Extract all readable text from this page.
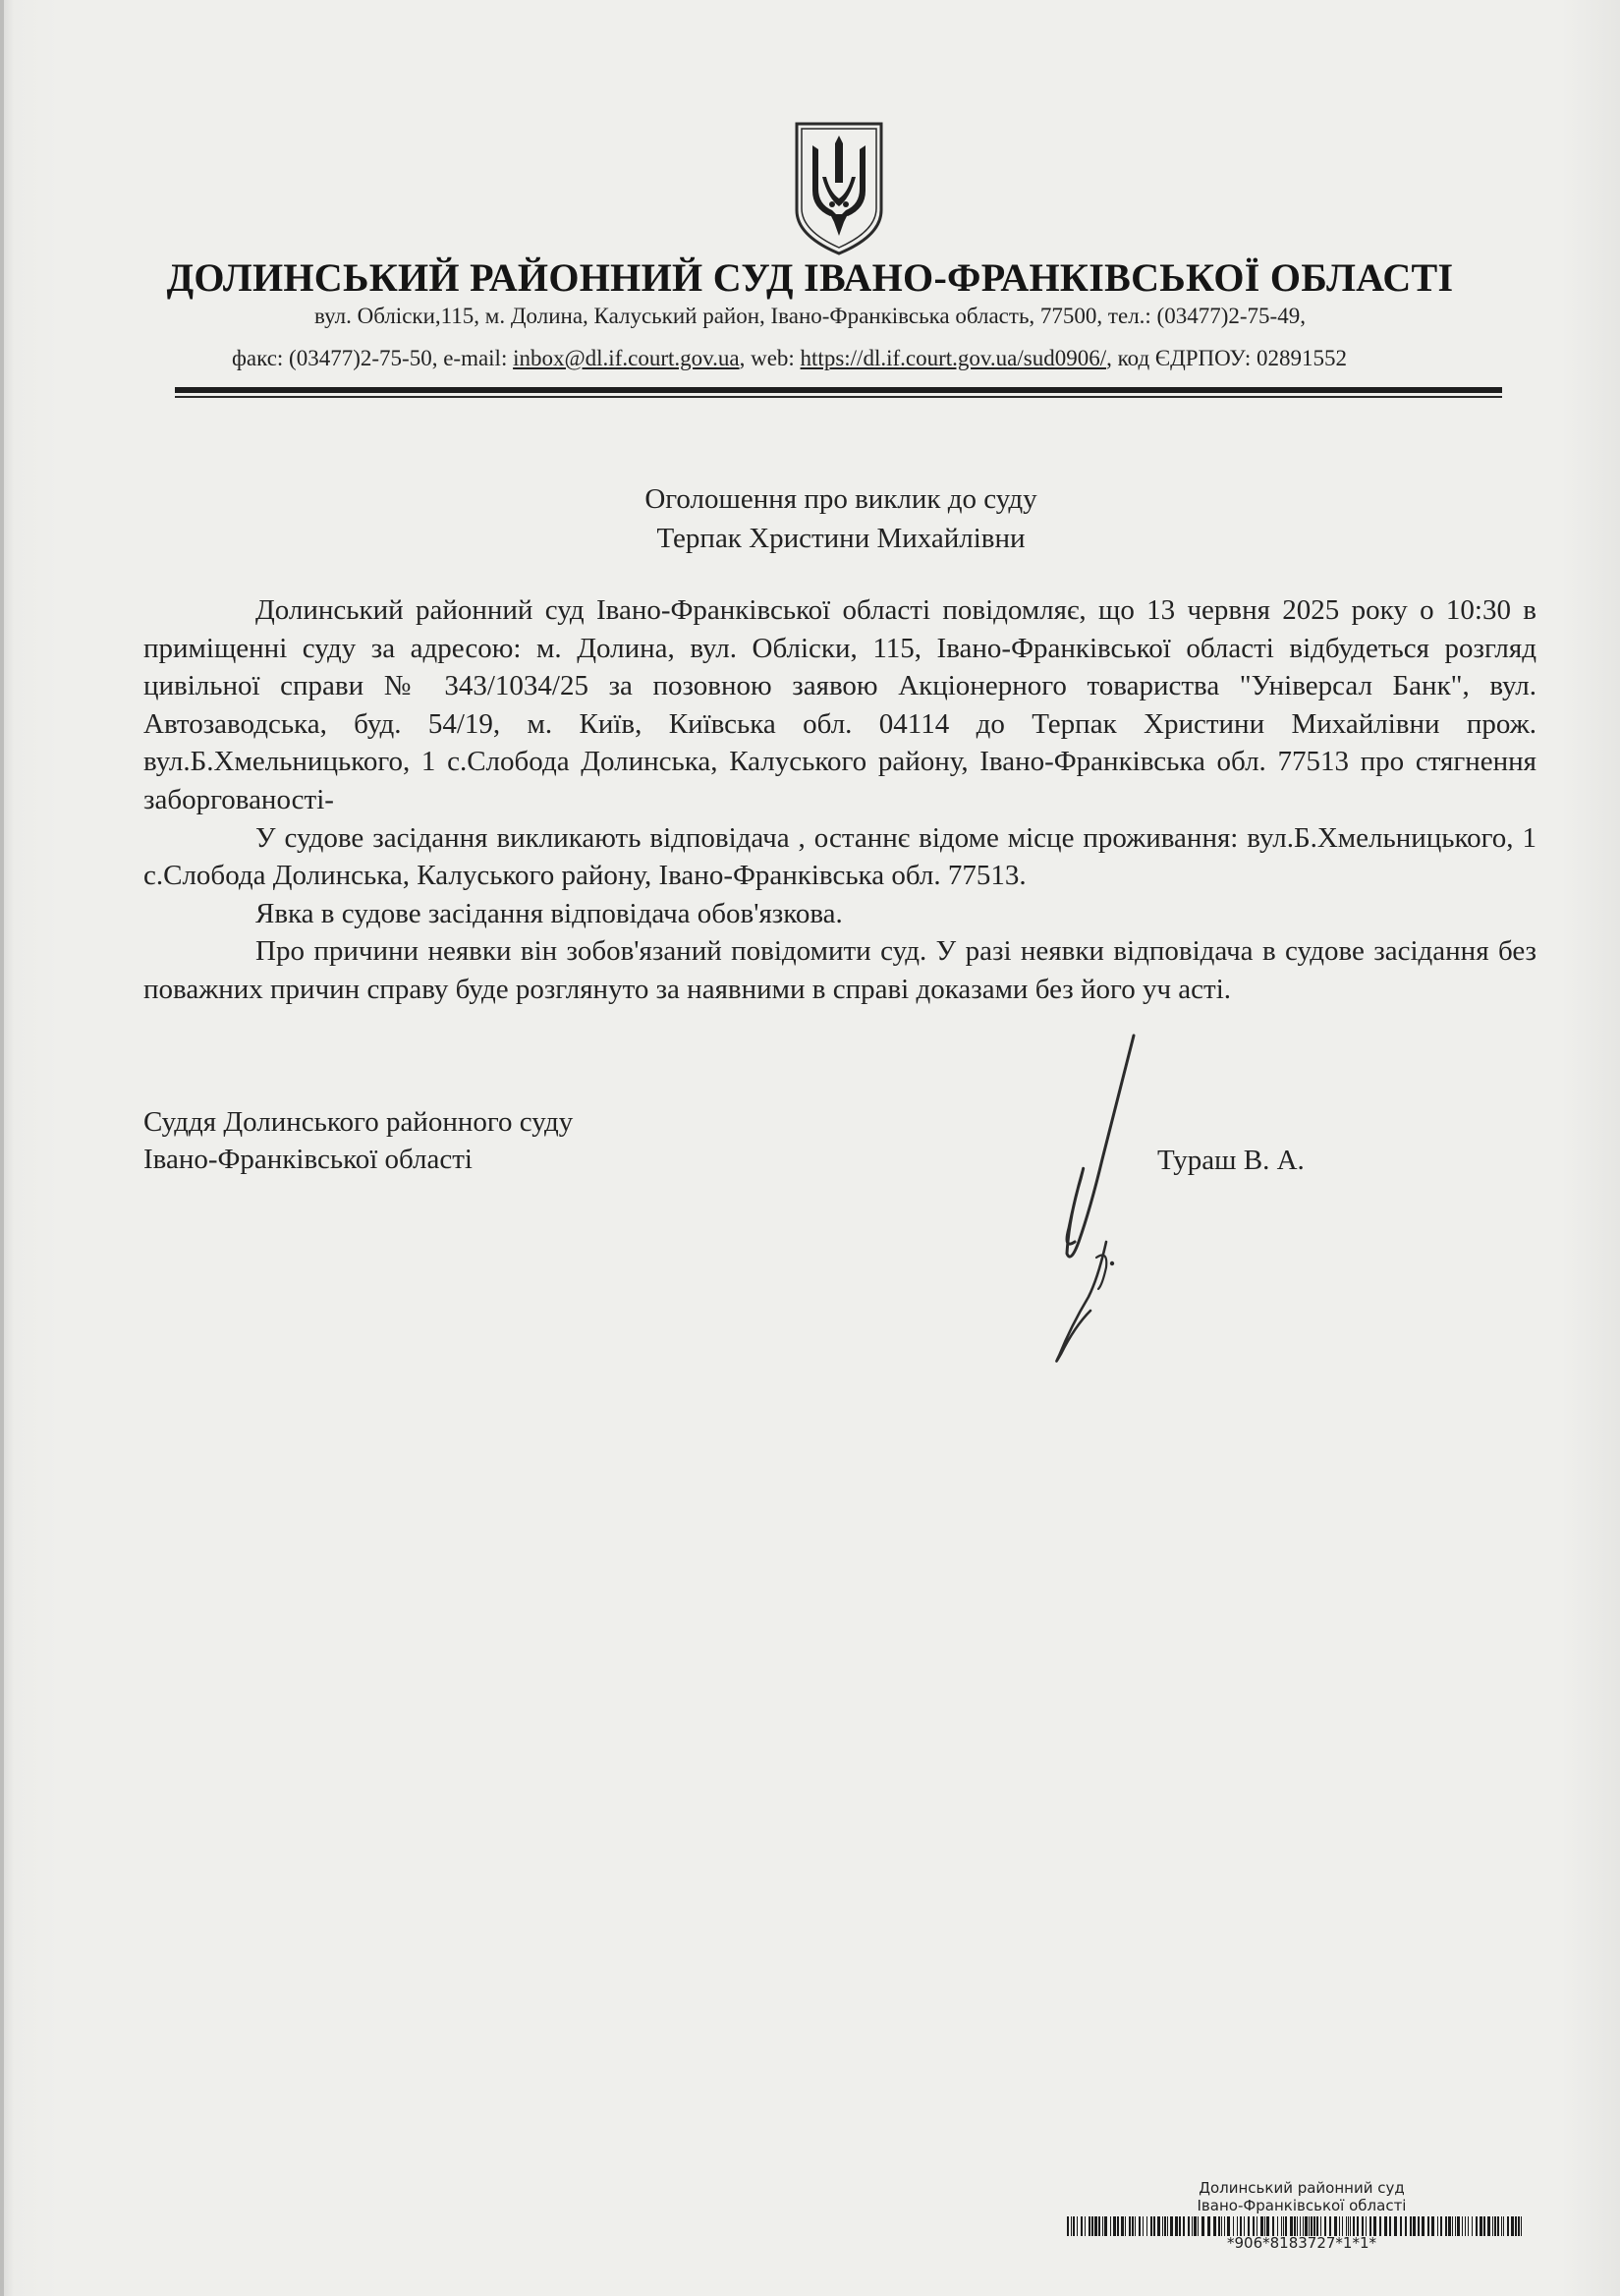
ДОЛИНСЬКИЙ РАЙОННИЙ СУД ІВАНО-ФРАНКІВСЬКОЇ ОБЛАСТІ
вул. Обліски,115, м. Долина, Калуський район, Івано-Франківська область, 77500, тел.: (03477)2-75-49,
факс: (03477)2-75-50, e-mail: inbox@dl.if.court.gov.ua, web: https://dl.if.court.gov.ua/sud0906/, код ЄДРПОУ: 02891552
Оголошення про виклик до суду
Терпак Христини Михайлівни

Долинський районний суд Івано-Франківської області повідомляє, що 13 червня 2025 року о 10:30 в приміщенні суду за адресою: м. Долина, вул. Обліски, 115, Івано-Франківської області відбудеться розгляд цивільної справи № 343/1034/25 за позовною заявою Акціонерного товариства "Універсал Банк", вул. Автозаводська, буд. 54/19, м. Київ, Київська обл. 04114 до Терпак Христини Михайлівни прож. вул.Б.Хмельницького, 1 с.Слобода Долинська, Калуського району, Івано-Франківська обл. 77513 про стягнення заборгованості-

У судове засідання викликають відповідача , останнє відоме місце проживання: вул.Б.Хмельницького, 1 с.Слобода Долинська, Калуського району, Івано-Франківська обл. 77513.

Явка в судове засідання відповідача обов'язкова.

Про причини неявки він зобов'язаний повідомити суд. У разі неявки відповідача в судове засідання без поважних причин справу буде розглянуто за наявними в справі доказами без його уч асті.

Суддя Долинського районного суду
Івано-Франківської області	Тураш В. А.
Долинський районний суд
Івано-Франківської області
*906*8183727*1*1*
